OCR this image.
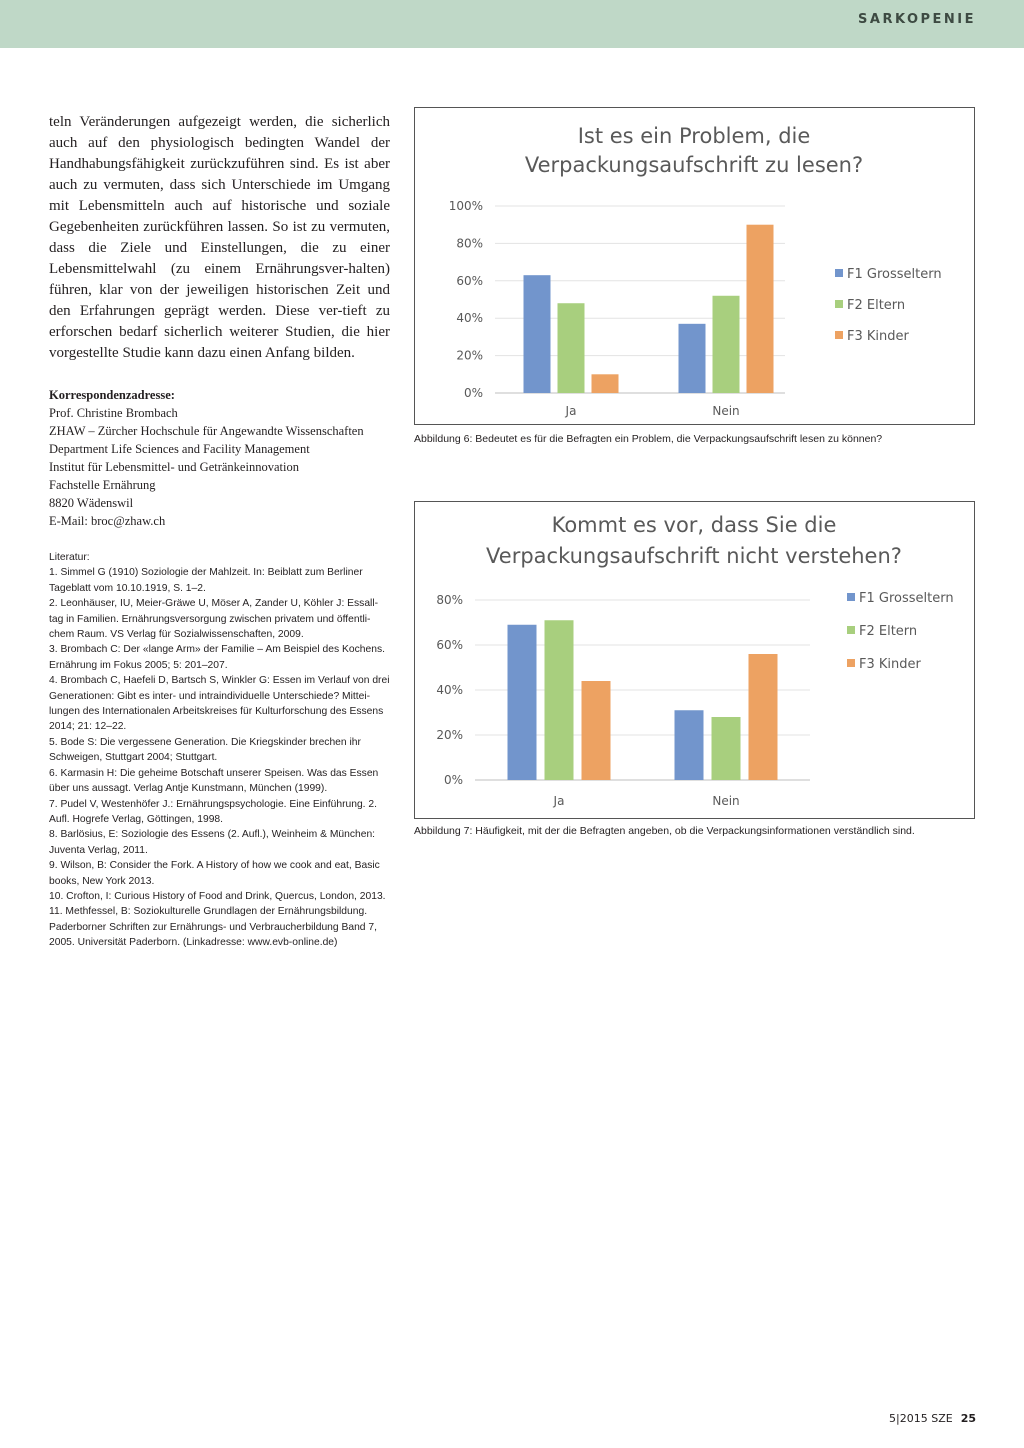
SARKOPENIE

teln Veränderungen aufgezeigt werden, die sicherlich auch auf den physiologisch bedingten Wandel der Handhabungsfähigkeit zurückzuführen sind. Es ist aber auch zu vermuten, dass sich Unterschiede im Umgang mit Lebensmitteln auch auf historische und soziale Gegebenheiten zurückführen lassen. So ist zu vermuten, dass die Ziele und Einstellungen, die zu einer Lebensmittelwahl (zu einem Ernährungsver-halten) führen, klar von der jeweiligen historischen Zeit und den Erfahrungen geprägt werden. Diese ver-tieft zu erforschen bedarf sicherlich weiterer Studien, die hier vorgestellte Studie kann dazu einen Anfang bilden.

Korrespondenzadresse:
Prof. Christine Brombach
ZHAW – Zürcher Hochschule für Angewandte Wissenschaften
Department Life Sciences and Facility Management
Institut für Lebensmittel- und Getränkeinnovation
Fachstelle Ernährung
8820 Wädenswil
E-Mail: broc@zhaw.ch
Literatur:
1. Simmel G (1910) Soziologie der Mahlzeit. In: Beiblatt zum Berliner Tageblatt vom 10.10.1919, S. 1–2.
2. Leonhäuser, IU, Meier-Gräwe U, Möser A, Zander U, Köhler J: Essall-tag in Familien. Ernährungsversorgung zwischen privatem und öffentli-chem Raum. VS Verlag für Sozialwissenschaften, 2009.
3. Brombach C: Der «lange Arm» der Familie – Am Beispiel des Kochens. Ernährung im Fokus 2005; 5: 201–207.
4. Brombach C, Haefeli D, Bartsch S, Winkler G: Essen im Verlauf von drei Generationen: Gibt es inter- und intraindividuelle Unterschiede? Mittei-lungen des Internationalen Arbeitskreises für Kulturforschung des Essens 2014; 21: 12–22.
5. Bode S: Die vergessene Generation. Die Kriegskinder brechen ihr Schweigen, Stuttgart 2004; Stuttgart.
6. Karmasin H: Die geheime Botschaft unserer Speisen. Was das Essen über uns aussagt. Verlag Antje Kunstmann, München (1999).
7. Pudel V, Westenhöfer J.: Ernährungspsychologie. Eine Einführung. 2. Aufl. Hogrefe Verlag, Göttingen, 1998.
8. Barlösius, E: Soziologie des Essens (2. Aufl.), Weinheim & München: Juventa Verlag, 2011.
9. Wilson, B: Consider the Fork. A History of how we cook and eat, Basic books, New York 2013.
10. Crofton, I: Curious History of Food and Drink, Quercus, London, 2013.
11. Methfessel, B: Soziokulturelle Grundlagen der Ernährungsbildung. Paderborner Schriften zur Ernährungs- und Verbraucherbildung Band 7, 2005. Universität Paderborn. (Linkadresse: www.evb-online.de)
Ist es ein Problem, die
Verpackungsaufschrift zu lesen?
0%
20%
40%
60%
80%
100%
Ja	Nein
F1 Grosseltern
F2 Eltern
F3 Kinder
Abbildung 6: Bedeutet es für die Befragten ein Problem, die Verpackungsaufschrift lesen zu können?
Kommt es vor, dass Sie die
Verpackungsaufschrift nicht verstehen?
0%
20%
40%
60%
80%
Ja	Nein
F1 Grosseltern
F2 Eltern
F3 Kinder
Abbildung 7: Häufigkeit, mit der die Befragten angeben, ob die Verpackungsinformationen verständlich sind.
5|2015 SZE 25
